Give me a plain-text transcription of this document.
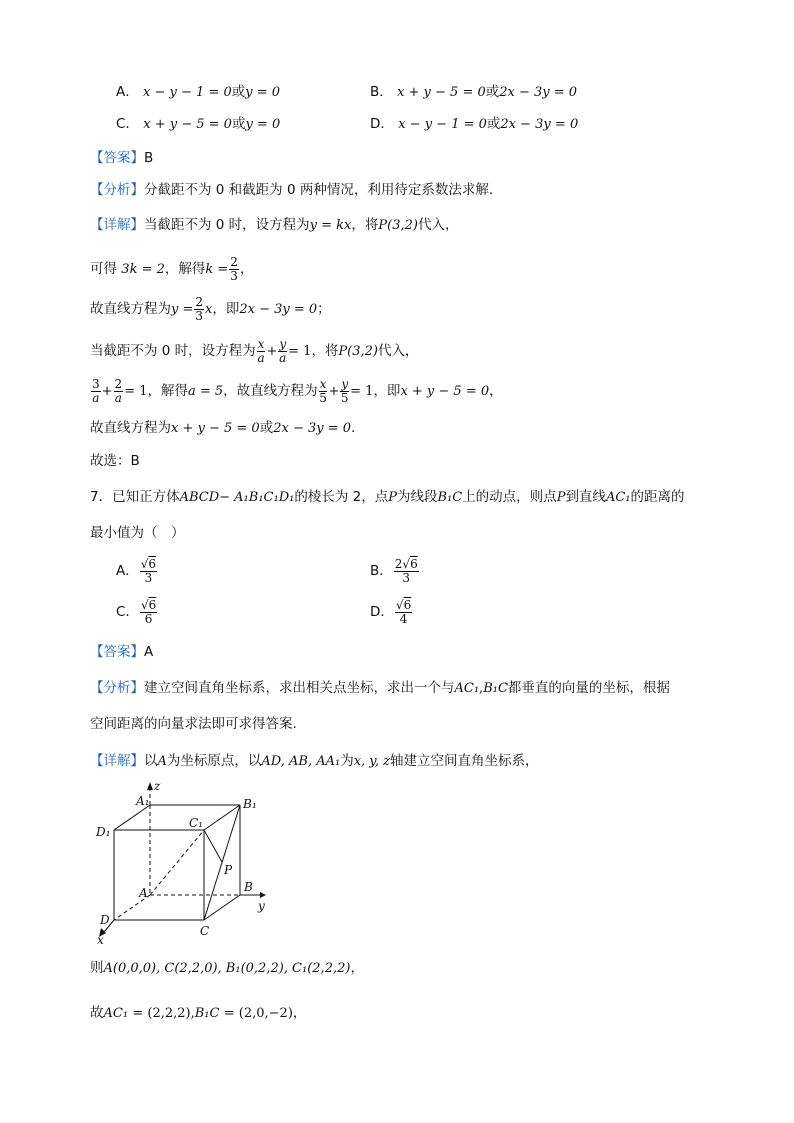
A． x − y − 1 = 0或y = 0	B． x + y − 5 = 0或2x − 3y = 0
C． x + y − 5 = 0或y = 0	D． x − y − 1 = 0或2x − 3y = 0
【答案】B
【分析】分截距不为 0 和截距为 0 两种情况，利用待定系数法求解.
【详解】当截距不为 0 时，设方程为y = kx，将P(3,2)代入，
可得 3k = 2，解得$k = \frac{2}{3}$ ，
故直线方程为$y = \frac{2}{3}$ x，即2x − 3y = 0；
当截距不为 0 时，设方程为 $\frac{x}{a} + \frac{y}{a} = 1$，将P(3,2)代入，
$\frac{3}{a} + \frac{2}{a} = 1$，解得a = 5，故直线方程为 $\frac{x}{5} + \frac{y}{5} = 1$，即x + y − 5 = 0，
故直线方程为x + y − 5 = 0或2x − 3y = 0.
故选：B
7．已知正方体ABCD− A₁B₁C₁D₁的棱长为 2，点P为线段B₁C上的动点，则点P到直线AC₁的距离的
最小值为（　）
A． $\frac{√6}{3}$	B． $\frac{2√6}{3}$
C． $\frac{√6}{6}$	D． $\frac{√6}{4}$
【答案】A
【分析】建立空间直角坐标系，求出相关点坐标，求出一个与AC₁,B₁C都垂直的向量的坐标，根据
空间距离的向量求法即可求得答案.
【详解】以A为坐标原点，以AD, AB, AA₁为x, y, z轴建立空间直角坐标系，
z
A₁	B₁
D₁
C₁
P
A	B
y
D
C
x
则A(0,0,0), C(2,2,0), B₁(0,2,2), C₁(2,2,2)，
故AC₁ = (2,2,2),B₁C = (2,0,−2)，
